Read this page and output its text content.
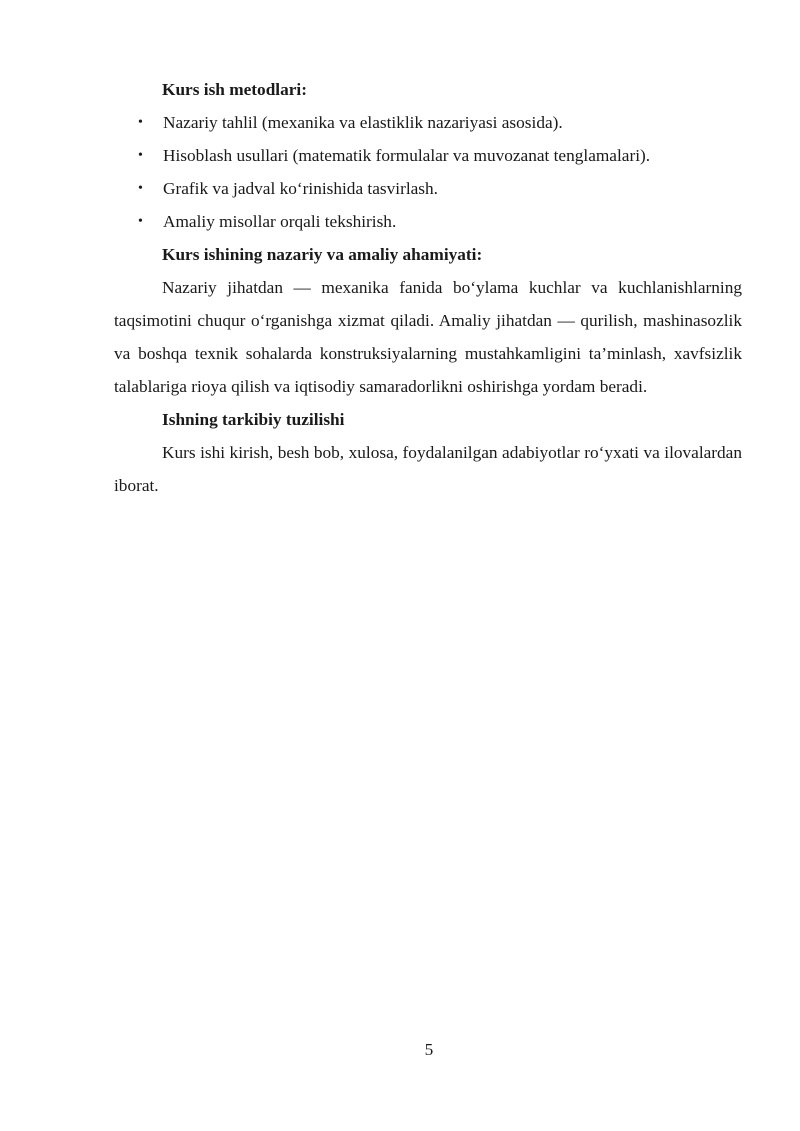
Kurs ish metodlari:

• Nazariy tahlil (mexanika va elastiklik nazariyasi asosida).
• Hisoblash usullari (matematik formulalar va muvozanat tenglamalari).
• Grafik va jadval koʻrinishida tasvirlash.
• Amaliy misollar orqali tekshirish.

Kurs ishining nazariy va amaliy ahamiyati:

Nazariy jihatdan — mexanika fanida boʻylama kuchlar va kuchlanishlarning taqsimotini chuqur oʻrganishga xizmat qiladi. Amaliy jihatdan — qurilish, mashinasozlik va boshqa texnik sohalarda konstruksiyalarning mustahkamligini ta’minlash, xavfsizlik talablariga rioya qilish va iqtisodiy samaradorlikni oshirishga yordam beradi.

Ishning tarkibiy tuzilishi

Kurs ishi kirish, besh bob, xulosa, foydalanilgan adabiyotlar roʻyxati va ilovalardan iborat.

5
